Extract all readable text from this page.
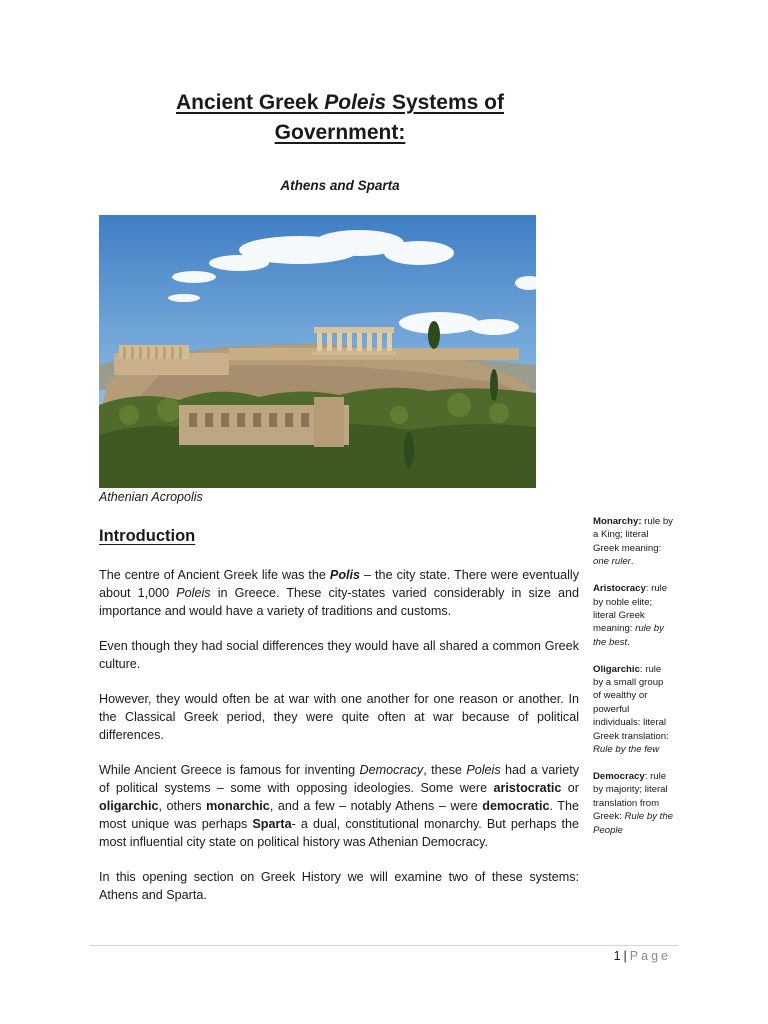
Ancient Greek Poleis Systems of
Government:
Athens and Sparta
Athenian Acropolis
Introduction

The centre of Ancient Greek life was the Polis – the city state. There were eventually about 1,000 Poleis in Greece. These city-states varied considerably in size and importance and would have a variety of traditions and customs.

Even though they had social differences they would have all shared a common Greek culture.

However, they would often be at war with one another for one reason or another. In the Classical Greek period, they were quite often at war because of political differences.

While Ancient Greece is famous for inventing Democracy, these Poleis had a variety of political systems – some with opposing ideologies. Some were aristocratic or oligarchic, others monarchic, and a few – notably Athens – were democratic. The most unique was perhaps Sparta- a dual, constitutional monarchy. But perhaps the most influential city state on political history was Athenian Democracy.

In this opening section on Greek History we will examine two of these systems: Athens and Sparta.

Monarchy: rule by a King; literal Greek meaning: one ruler.
Aristocracy: rule by noble elite; literal Greek meaning: rule by the best.
Oligarchic: rule by a small group of wealthy or powerful individuals: literal Greek translation: Rule by the few
Democracy: rule by majority; literal translation from Greek: Rule by the People
1 | Page
